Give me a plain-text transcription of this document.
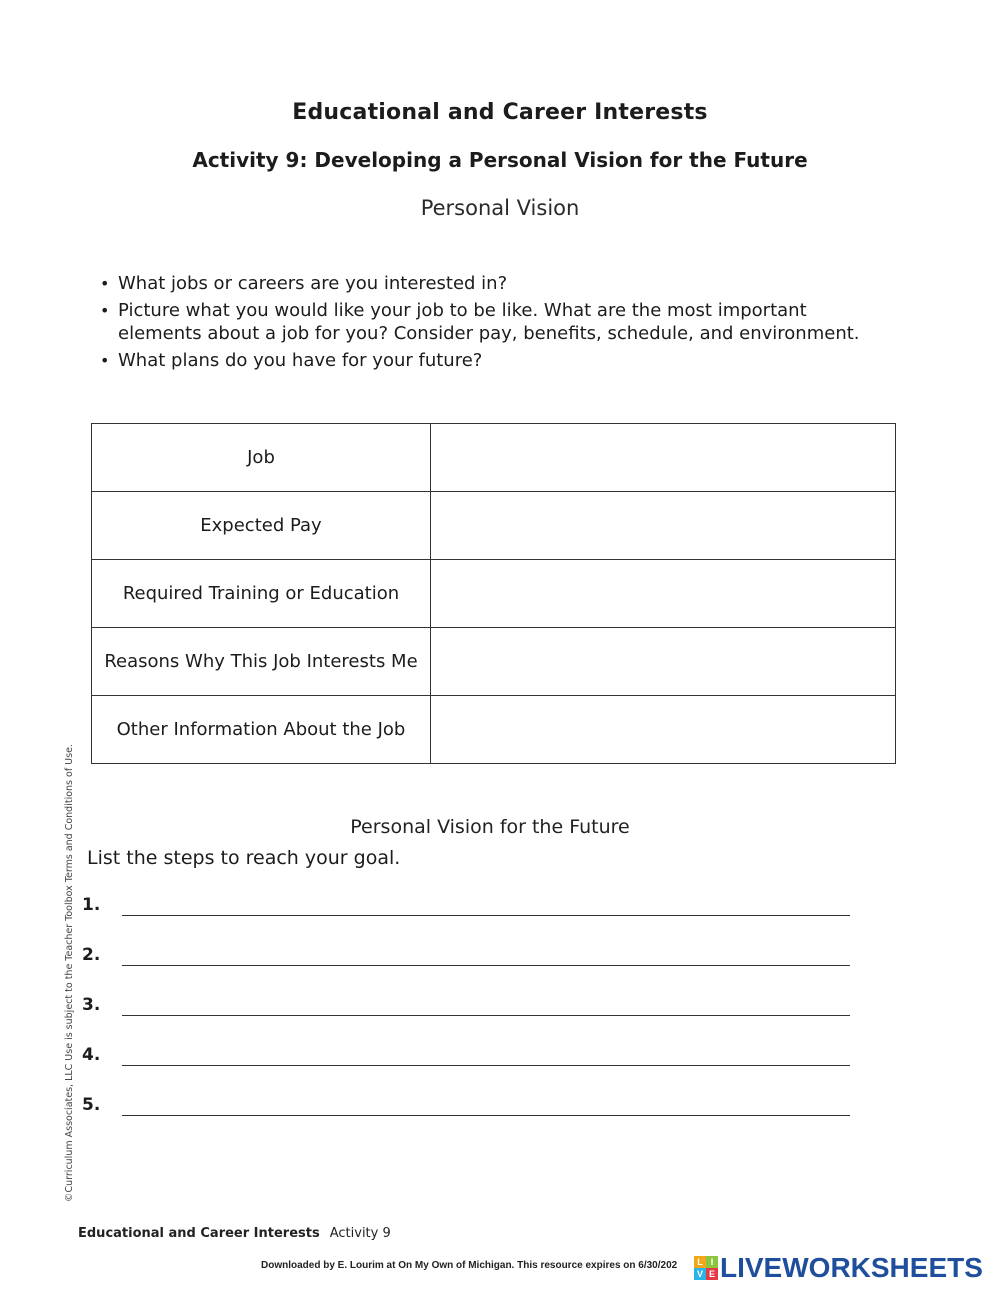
Educational and Career Interests
Activity 9: Developing a Personal Vision for the Future
Personal Vision
• What jobs or careers are you interested in?
• Picture what you would like your job to be like. What are the most important elements about a job for you? Consider pay, benefits, schedule, and environment.
• What plans do you have for your future?
Job	
Expected Pay	
Required Training or Education	
Reasons Why This Job Interests Me	
Other Information About the Job	
Personal Vision for the Future
List the steps to reach your goal.
1.
2.
3.
4.
5.
©Curriculum Associates, LLC Use is subject to the Teacher Toolbox Terms and Conditions of Use.
Educational and Career Interests Activity 9
Downloaded by E. Lourim at On My Own of Michigan. This resource expires on 6/30/202	L I
V E LIVEWORKSHEETS
